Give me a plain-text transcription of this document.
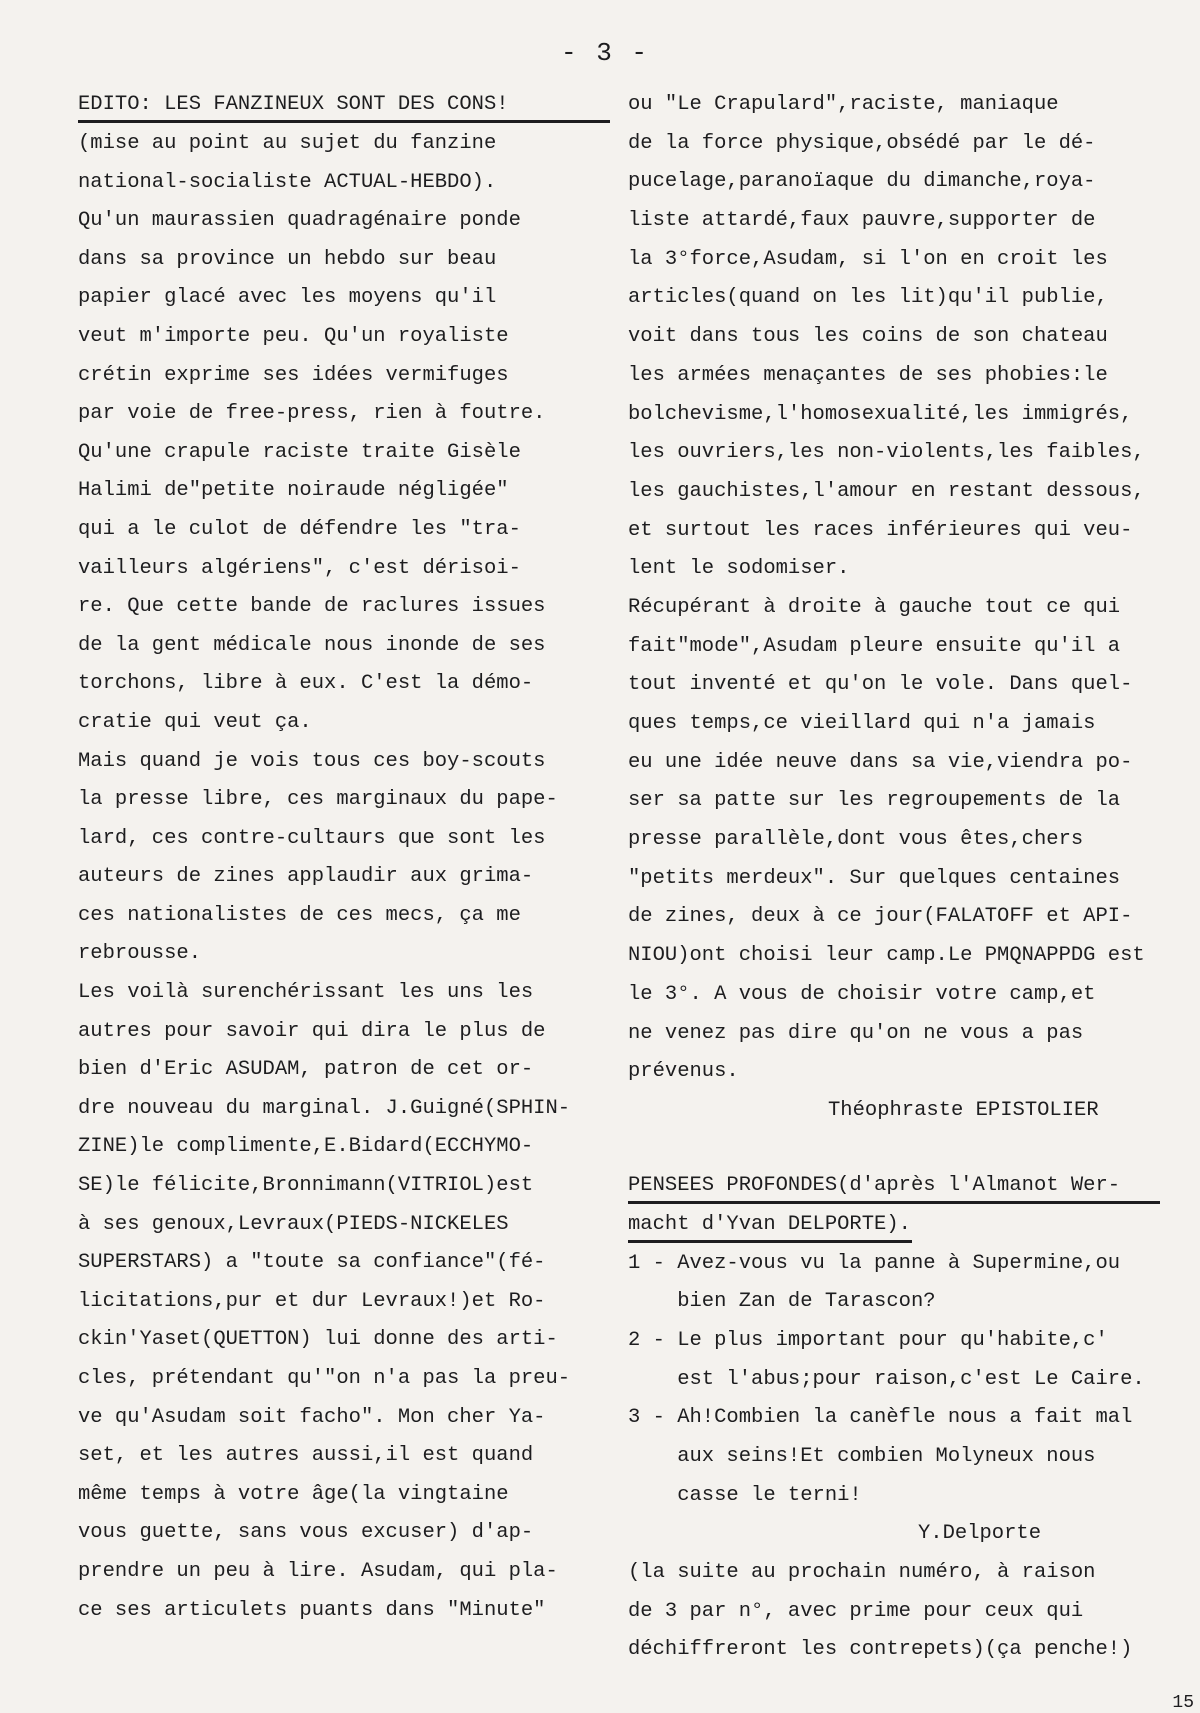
- 3 -
EDITO: LES FANZINEUX SONT DES CONS!
(mise au point au sujet du fanzine
national-socialiste ACTUAL-HEBDO).
Qu'un maurassien quadragénaire ponde
dans sa province un hebdo sur beau
papier glacé avec les moyens qu'il
veut m'importe peu. Qu'un royaliste
crétin exprime ses idées vermifuges
par voie de free-press, rien à foutre.
Qu'une crapule raciste traite Gisèle
Halimi de"petite noiraude négligée"
qui a le culot de défendre les "tra-
vailleurs algériens", c'est dérisoi-
re. Que cette bande de raclures issues
de la gent médicale nous inonde de ses
torchons, libre à eux. C'est la démo-
cratie qui veut ça.
Mais quand je vois tous ces boy-scouts
la presse libre, ces marginaux du pape-
lard, ces contre-cultaurs que sont les
auteurs de zines applaudir aux grima-
ces nationalistes de ces mecs, ça me
rebrousse.
Les voilà surenchérissant les uns les
autres pour savoir qui dira le plus de
bien d'Eric ASUDAM, patron de cet or-
dre nouveau du marginal. J.Guigné(SPHIN-
ZINE)le complimente,E.Bidard(ECCHYMO-
SE)le félicite,Bronnimann(VITRIOL)est
à ses genoux,Levraux(PIEDS-NICKELES
SUPERSTARS) a "toute sa confiance"(fé-
licitations,pur et dur Levraux!)et Ro-
ckin'Yaset(QUETTON) lui donne des arti-
cles, prétendant qu'"on n'a pas la preu-
ve qu'Asudam soit facho". Mon cher Ya-
set, et les autres aussi,il est quand
même temps à votre âge(la vingtaine
vous guette, sans vous excuser) d'ap-
prendre un peu à lire. Asudam, qui pla-
ce ses articulets puants dans "Minute"
ou "Le Crapulard",raciste, maniaque
de la force physique,obsédé par le dé-
pucelage,paranoïaque du dimanche,roya-
liste attardé,faux pauvre,supporter de
la 3°force,Asudam, si l'on en croit les
articles(quand on les lit)qu'il publie,
voit dans tous les coins de son chateau
les armées menaçantes de ses phobies:le
bolchevisme,l'homosexualité,les immigrés,
les ouvriers,les non-violents,les faibles,
les gauchistes,l'amour en restant dessous,
et surtout les races inférieures qui veu-
lent le sodomiser.
Récupérant à droite à gauche tout ce qui
fait"mode",Asudam pleure ensuite qu'il a
tout inventé et qu'on le vole. Dans quel-
ques temps,ce vieillard qui n'a jamais
eu une idée neuve dans sa vie,viendra po-
ser sa patte sur les regroupements de la
presse parallèle,dont vous êtes,chers
"petits merdeux". Sur quelques centaines
de zines, deux à ce jour(FALATOFF et API-
NIOU)ont choisi leur camp.Le PMQNAPPDG est
le 3°. A vous de choisir votre camp,et
ne venez pas dire qu'on ne vous a pas
prévenus.
Théophraste EPISTOLIER
PENSEES PROFONDES(d'après l'Almanot Wer-
macht d'Yvan DELPORTE).
1 - Avez-vous vu la panne à Supermine,ou
bien Zan de Tarascon?
2 - Le plus important pour qu'habite,c'
est l'abus;pour raison,c'est Le Caire.
3 - Ah!Combien la canèfle nous a fait mal
aux seins!Et combien Molyneux nous
casse le terni!
Y.Delporte
(la suite au prochain numéro, à raison
de 3 par n°, avec prime pour ceux qui
déchiffreront les contrepets)(ça penche!)
15
